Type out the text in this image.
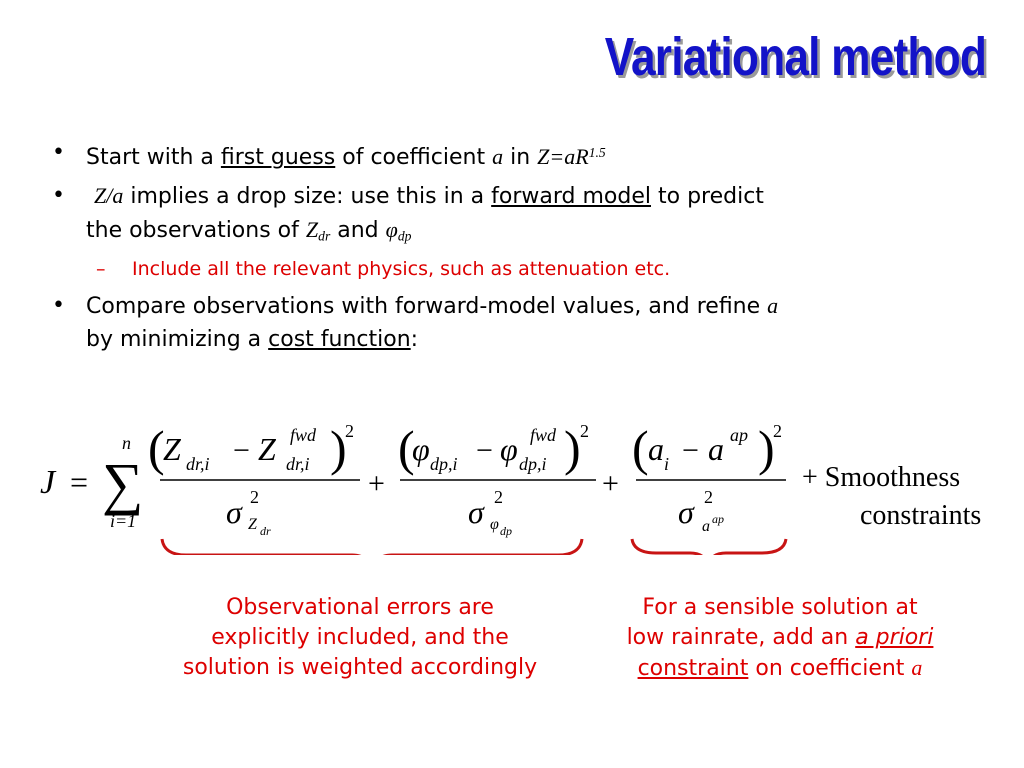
Variational method
• Start with a first guess of coefficient a in $Z=aR^{1.5}$
• Z/a implies a drop size: use this in a forward model to predict
the observations of $Z_{dr}$ and $\varphi_{dp}$
– Include all the relevant physics, such as attenuation etc.
• Compare observations with forward-model values, and refine a
by minimizing a cost function:
J =
n
∑
i=1
(
Z dr,i − Z fwd
dr,i )
2
σ 2
Z dr
+
(
φ dp,i − φ fwd
dp,i ) 2
σ 2
φ dp
+
( a i − a ap )
2
σ 2
a ap
+ Smoothness
constraints
Observational errors are
explicitly included, and the
solution is weighted accordingly
For a sensible solution at
low rainrate, add an a priori
constraint on coefficient a
